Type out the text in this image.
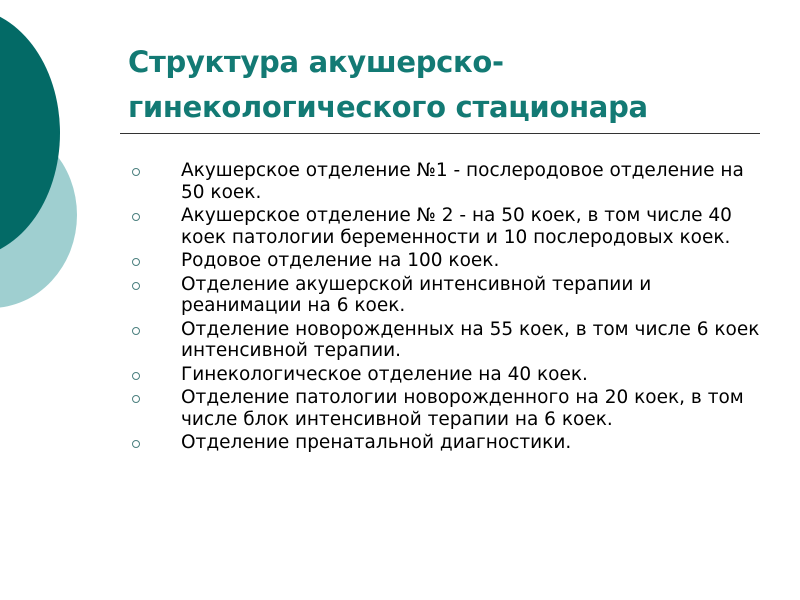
Структура акушерско-гинекологического стационара
Акушерское отделение №1 - послеродовое отделение на 50 коек.
Акушерское отделение № 2 - на 50 коек, в том числе 40 коек патологии беременности и 10 послеродовых коек.
Родовое отделение на 100 коек.
Отделение акушерской интенсивной терапии и реанимации на 6 коек.
Отделение новорожденных на 55 коек, в том числе 6 коек интенсивной терапии.
Гинекологическое отделение на 40 коек.
Отделение патологии новорожденного на 20 коек, в том числе блок интенсивной терапии на 6 коек.
Отделение пренатальной диагностики.
